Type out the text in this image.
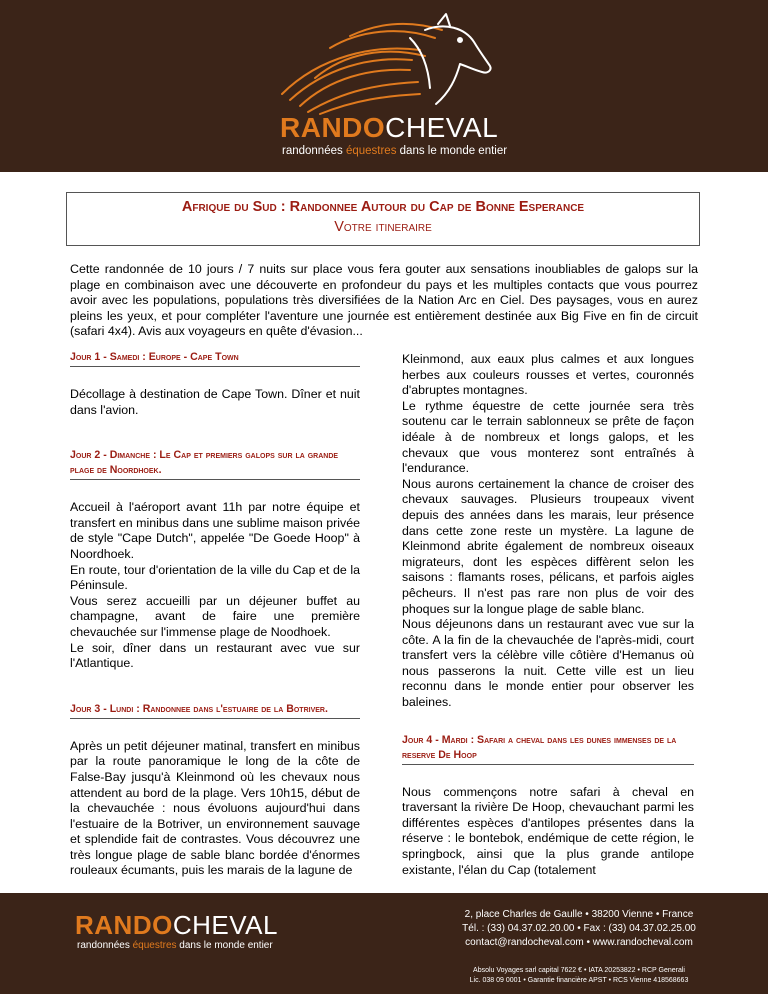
RANDOCHEVAL
randonnées équestres dans le monde entier
Afrique du Sud : Randonnee Autour du Cap de Bonne Esperance
Votre itineraire

Cette randonnée de 10 jours / 7 nuits sur place vous fera gouter aux sensations inoubliables de galops sur la plage en combinaison avec une découverte en profondeur du pays et les multiples contacts que vous pourrez avoir avec les populations, populations très diversifiées de la Nation Arc en Ciel. Des paysages, vous en aurez pleins les yeux, et pour compléter l'aventure une journée est entièrement destinée aux Big Five en fin de circuit (safari 4x4). Avis aux voyageurs en quête d'évasion...

Jour 1 - Samedi : Europe - Cape Town

Décollage à destination de Cape Town. Dîner et nuit dans l'avion.

Jour 2 - Dimanche : Le Cap et premiers galops sur la grande plage de Noordhoek.

Accueil à l'aéroport avant 11h par notre équipe et transfert en minibus dans une sublime maison privée de style "Cape Dutch", appelée "De Goede Hoop" à Noordhoek.
En route, tour d'orientation de la ville du Cap et de la Péninsule.
Vous serez accueilli par un déjeuner buffet au champagne, avant de faire une première chevauchée sur l'immense plage de Noodhoek.
Le soir, dîner dans un restaurant avec vue sur l'Atlantique.

Jour 3 - Lundi : Randonnee dans l'estuaire de la Botriver.

Après un petit déjeuner matinal, transfert en minibus par la route panoramique le long de la côte de False-Bay jusqu'à Kleinmond où les chevaux nous attendent au bord de la plage. Vers 10h15, début de la chevauchée : nous évoluons aujourd'hui dans l'estuaire de la Botriver, un environnement sauvage et splendide fait de contrastes. Vous découvrez une très longue plage de sable blanc bordée d'énormes rouleaux écumants, puis les marais de la lagune de

Kleinmond, aux eaux plus calmes et aux longues herbes aux couleurs rousses et vertes, couronnés d'abruptes montagnes.
Le rythme équestre de cette journée sera très soutenu car le terrain sablonneux se prête de façon idéale à de nombreux et longs galops, et les chevaux que vous monterez sont entraînés à l'endurance.
Nous aurons certainement la chance de croiser des chevaux sauvages. Plusieurs troupeaux vivent depuis des années dans les marais, leur présence dans cette zone reste un mystère. La lagune de Kleinmond abrite également de nombreux oiseaux migrateurs, dont les espèces diffèrent selon les saisons : flamants roses, pélicans, et parfois aigles pêcheurs. Il n'est pas rare non plus de voir des phoques sur la longue plage de sable blanc.
Nous déjeunons dans un restaurant avec vue sur la côte. A la fin de la chevauchée de l'après-midi, court transfert vers la célèbre ville côtière d'Hemanus où nous passerons la nuit. Cette ville est un lieu reconnu dans le monde entier pour observer les baleines.

Jour 4 - Mardi : Safari a cheval dans les dunes immenses de la reserve De Hoop

Nous commençons notre safari à cheval en traversant la rivière De Hoop, chevauchant parmi les différentes espèces d'antilopes présentes dans la réserve : le bontebok, endémique de cette région, le springbock, ainsi que la plus grande antilope existante, l'élan du Cap (totalement

RANDOCHEVAL
randonnées équestres dans le monde entier
2, place Charles de Gaulle • 38200 Vienne • France
Tél. : (33) 04.37.02.20.00 • Fax : (33) 04.37.02.25.00
contact@randocheval.com • www.randocheval.com
Absolu Voyages sarl capital 7622 € • IATA 20253822 • RCP Generali
Lic. 038 09 0001 • Garantie financière APST • RCS Vienne 418568663
